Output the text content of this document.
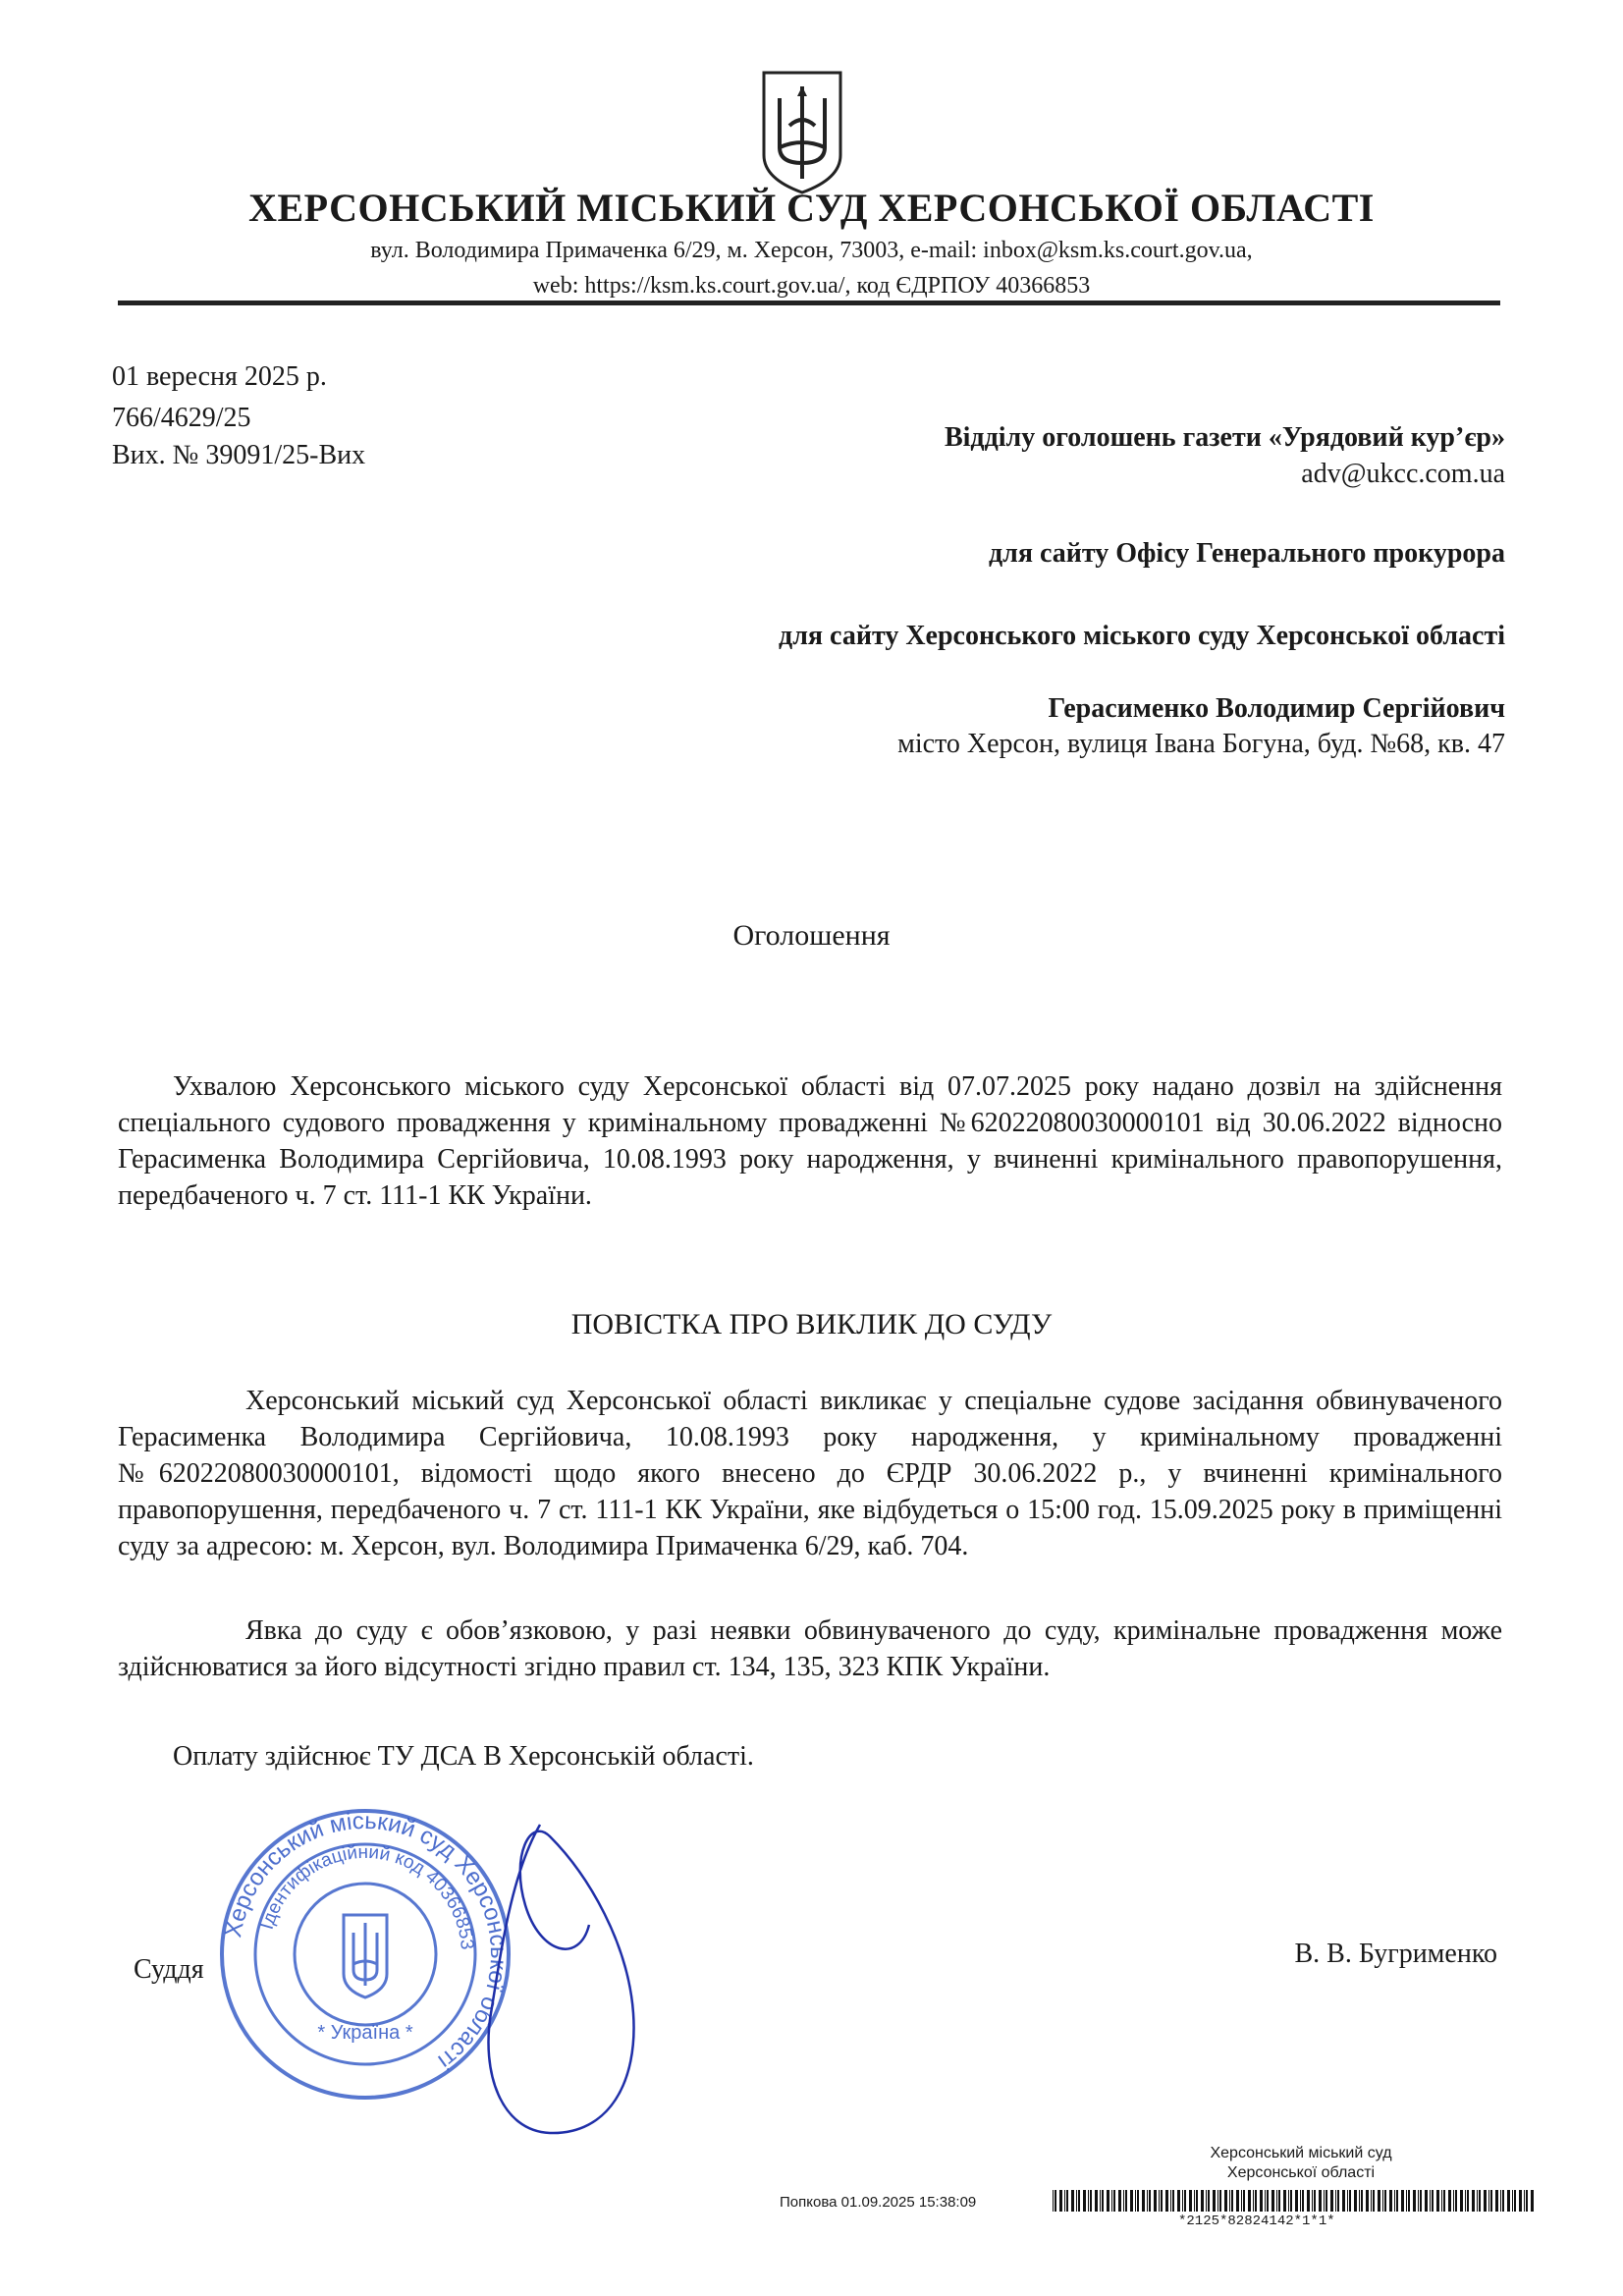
ХЕРСОНСЬКИЙ МІСЬКИЙ СУД ХЕРСОНСЬКОЇ ОБЛАСТІ
вул. Володимира Примаченка 6/29, м. Херсон, 73003, e-mail: inbox@ksm.ks.court.gov.ua,
web: https://ksm.ks.court.gov.ua/, код ЄДРПОУ 40366853
01 вересня 2025 р.
766/4629/25
Вих. № 39091/25-Вих
Відділу оголошень газети «Урядовий кур’єр»
adv@ukcc.com.ua
для сайту Офісу Генерального прокурора
для сайту Херсонського міського суду Херсонської області
Герасименко Володимир Сергійович
місто Херсон, вулиця Івана Богуна, буд. №68, кв. 47
Оголошення
Ухвалою Херсонського міського суду Херсонської області від 07.07.2025 року надано дозвіл на здійснення спеціального судового провадження у кримінальному провадженні №62022080030000101 від 30.06.2022 відносно Герасименка Володимира Сергійовича, 10.08.1993 року народження, у вчиненні кримінального правопорушення, передбаченого ч. 7 ст. 111-1 КК України.
ПОВІСТКА ПРО ВИКЛИК ДО СУДУ
Херсонський міський суд Херсонської області викликає у спеціальне судове засідання обвинуваченого Герасименка Володимира Сергійовича, 10.08.1993 року народження, у кримінальному провадженні №62022080030000101, відомості щодо якого внесено до ЄРДР 30.06.2022 р., у вчиненні кримінального правопорушення, передбаченого ч. 7 ст. 111-1 КК України, яке відбудеться о 15:00 год. 15.09.2025 року в приміщенні суду за адресою: м. Херсон, вул. Володимира Примаченка 6/29, каб. 704.
Явка до суду є обов’язковою, у разі неявки обвинуваченого до суду, кримінальне провадження може здійснюватися за його відсутності згідно правил ст. 134, 135, 323 КПК України.
Оплату здійснює ТУ ДСА В Херсонській області.
Херсонський міський суд Херсонської області
Ідентифікаційний код 40366853
* Україна *
Суддя
В. В. Бугрименко
Херсонський міський суд
Херсонської області
Попкова 01.09.2025 15:38:09
*2125*82824142*1*1*
